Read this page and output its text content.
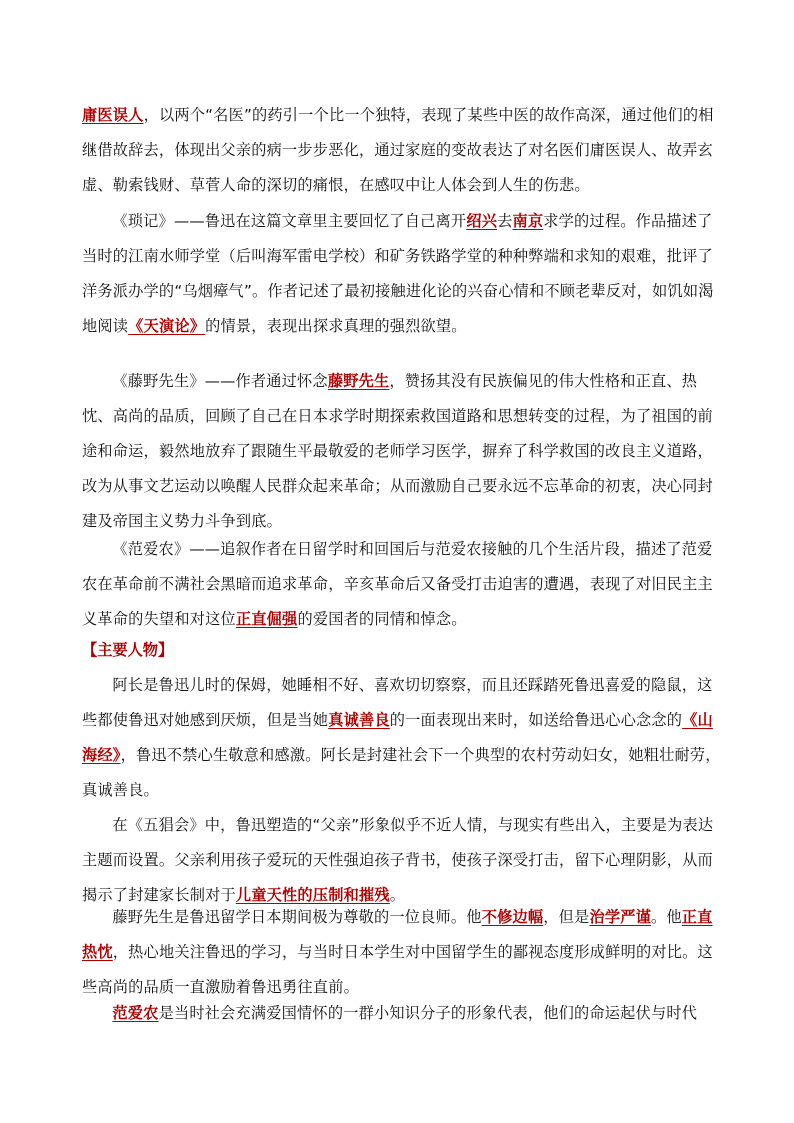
庸医误人，以两个“名医”的药引一个比一个独特，表现了某些中医的故作高深，通过他们的相继借故辞去，体现出父亲的病一步步恶化，通过家庭的变故表达了对名医们庸医误人、故弄玄虚、勒索钱财、草菅人命的深切的痛恨，在感叹中让人体会到人生的伤悲。

《琐记》——鲁迅在这篇文章里主要回忆了自己离开绍兴去南京求学的过程。作品描述了当时的江南水师学堂（后叫海军雷电学校）和矿务铁路学堂的种种弊端和求知的艰难，批评了洋务派办学的“乌烟瘴气”。作者记述了最初接触进化论的兴奋心情和不顾老辈反对，如饥如渴地阅读《天演论》的情景，表现出探求真理的强烈欲望。

《藤野先生》——作者通过怀念藤野先生，赞扬其没有民族偏见的伟大性格和正直、热忱、高尚的品质，回顾了自己在日本求学时期探索救国道路和思想转变的过程，为了祖国的前途和命运，毅然地放弃了跟随生平最敬爱的老师学习医学，摒弃了科学救国的改良主义道路，改为从事文艺运动以唤醒人民群众起来革命；从而激励自己要永远不忘革命的初衷，决心同封建及帝国主义势力斗争到底。

《范爱农》——追叙作者在日留学时和回国后与范爱农接触的几个生活片段，描述了范爱农在革命前不满社会黑暗而追求革命，辛亥革命后又备受打击迫害的遭遇，表现了对旧民主主义革命的失望和对这位正直倔强的爱国者的同情和悼念。

【主要人物】

阿长是鲁迅儿时的保姆，她睡相不好、喜欢切切察察，而且还踩踏死鲁迅喜爱的隐鼠，这些都使鲁迅对她感到厌烦，但是当她真诚善良的一面表现出来时，如送给鲁迅心心念念的《山海经》，鲁迅不禁心生敬意和感激。阿长是封建社会下一个典型的农村劳动妇女，她粗壮耐劳，真诚善良。

在《五猖会》中，鲁迅塑造的“父亲”形象似乎不近人情，与现实有些出入，主要是为表达主题而设置。父亲利用孩子爱玩的天性强迫孩子背书，使孩子深受打击，留下心理阴影，从而揭示了封建家长制对于儿童天性的压制和摧残。

藤野先生是鲁迅留学日本期间极为尊敬的一位良师。他不修边幅，但是治学严谨。他正直热忱，热心地关注鲁迅的学习，与当时日本学生对中国留学生的鄙视态度形成鲜明的对比。这些高尚的品质一直激励着鲁迅勇往直前。

范爱农是当时社会充满爱国情怀的一群小知识分子的形象代表，他们的命运起伏与时代
